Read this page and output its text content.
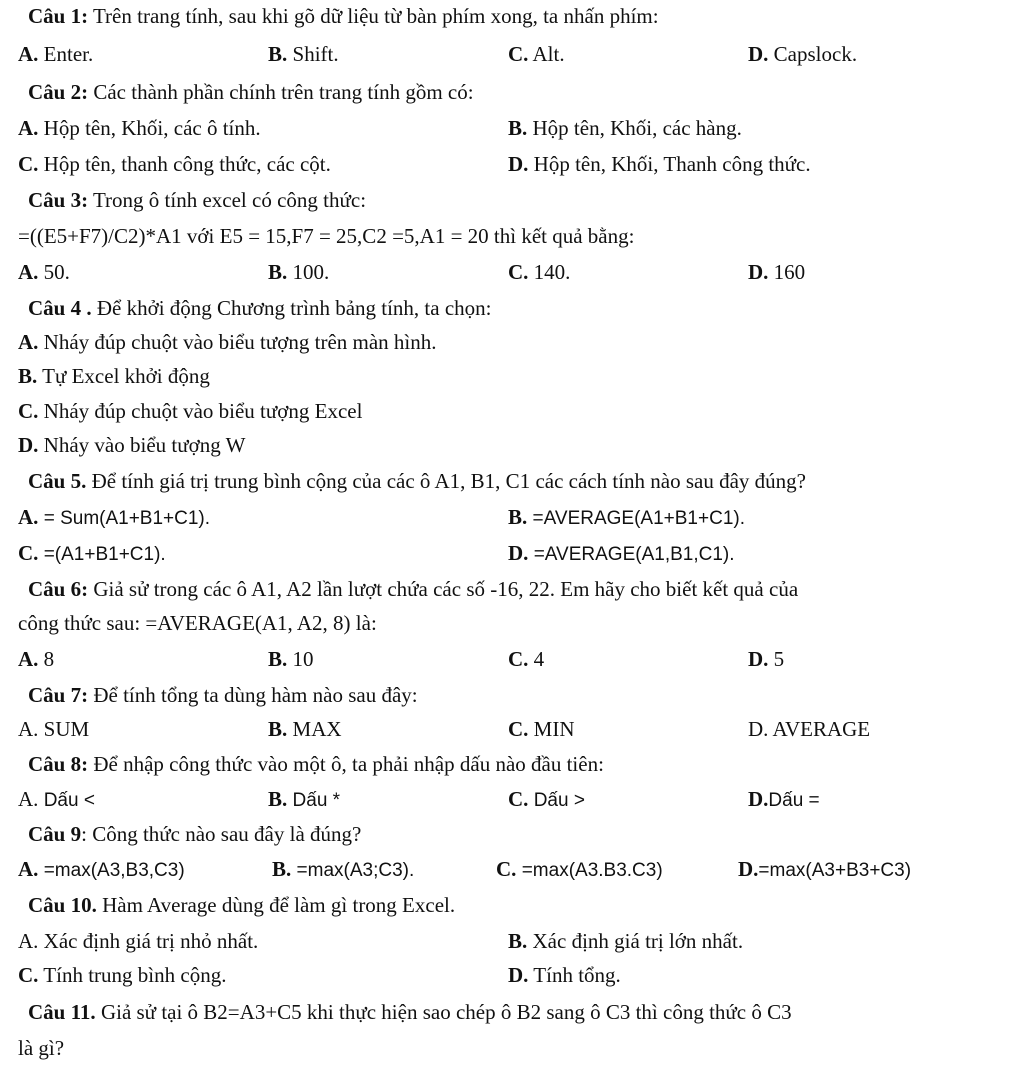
Câu 1: Trên trang tính, sau khi gõ dữ liệu từ bàn phím xong, ta nhấn phím:
A. Enter.	B. Shift.	C. Alt.	D. Capslock.
Câu 2: Các thành phần chính trên trang tính gồm có:
A. Hộp tên, Khối, các ô tính.	B. Hộp tên, Khối, các hàng.
C. Hộp tên, thanh công thức, các cột.	D. Hộp tên, Khối, Thanh công thức.
Câu 3: Trong ô tính excel có công thức:
=((E5+F7)/C2)*A1 với E5 = 15,F7 = 25,C2 =5,A1 = 20 thì kết quả bằng:
A. 50.	B. 100.	C. 140.	D. 160
Câu 4 . Để khởi động Chương trình bảng tính, ta chọn:
A. Nháy đúp chuột vào biểu tượng trên màn hình.
B. Tự Excel khởi động
C. Nháy đúp chuột vào biểu tượng Excel
D. Nháy vào biểu tượng W
Câu 5. Để tính giá trị trung bình cộng của các ô A1, B1, C1 các cách tính nào sau đây đúng?
A. = Sum(A1+B1+C1).	B. =AVERAGE(A1+B1+C1).
C. =(A1+B1+C1).	D. =AVERAGE(A1,B1,C1).
Câu 6: Giả sử trong các ô A1, A2 lần lượt chứa các số -16, 22. Em hãy cho biết kết quả của
công thức sau: =AVERAGE(A1, A2, 8) là:
A. 8	B. 10	C. 4	D. 5
Câu 7: Để tính tổng ta dùng hàm nào sau đây:
A. SUM	B. MAX	C. MIN	D. AVERAGE
Câu 8: Để nhập công thức vào một ô, ta phải nhập dấu nào đầu tiên:
A. Dấu <	B. Dấu *	C. Dấu >	D.Dấu =
Câu 9: Công thức nào sau đây là đúng?
A. =max(A3,B3,C3)	B. =max(A3;C3).	C. =max(A3.B3.C3)	D.=max(A3+B3+C3)
Câu 10. Hàm Average dùng để làm gì trong Excel.
A. Xác định giá trị nhỏ nhất.	B. Xác định giá trị lớn nhất.
C. Tính trung bình cộng.	D. Tính tổng.
Câu 11. Giả sử tại ô B2=A3+C5 khi thực hiện sao chép ô B2 sang ô C3 thì công thức ô C3
là gì?
